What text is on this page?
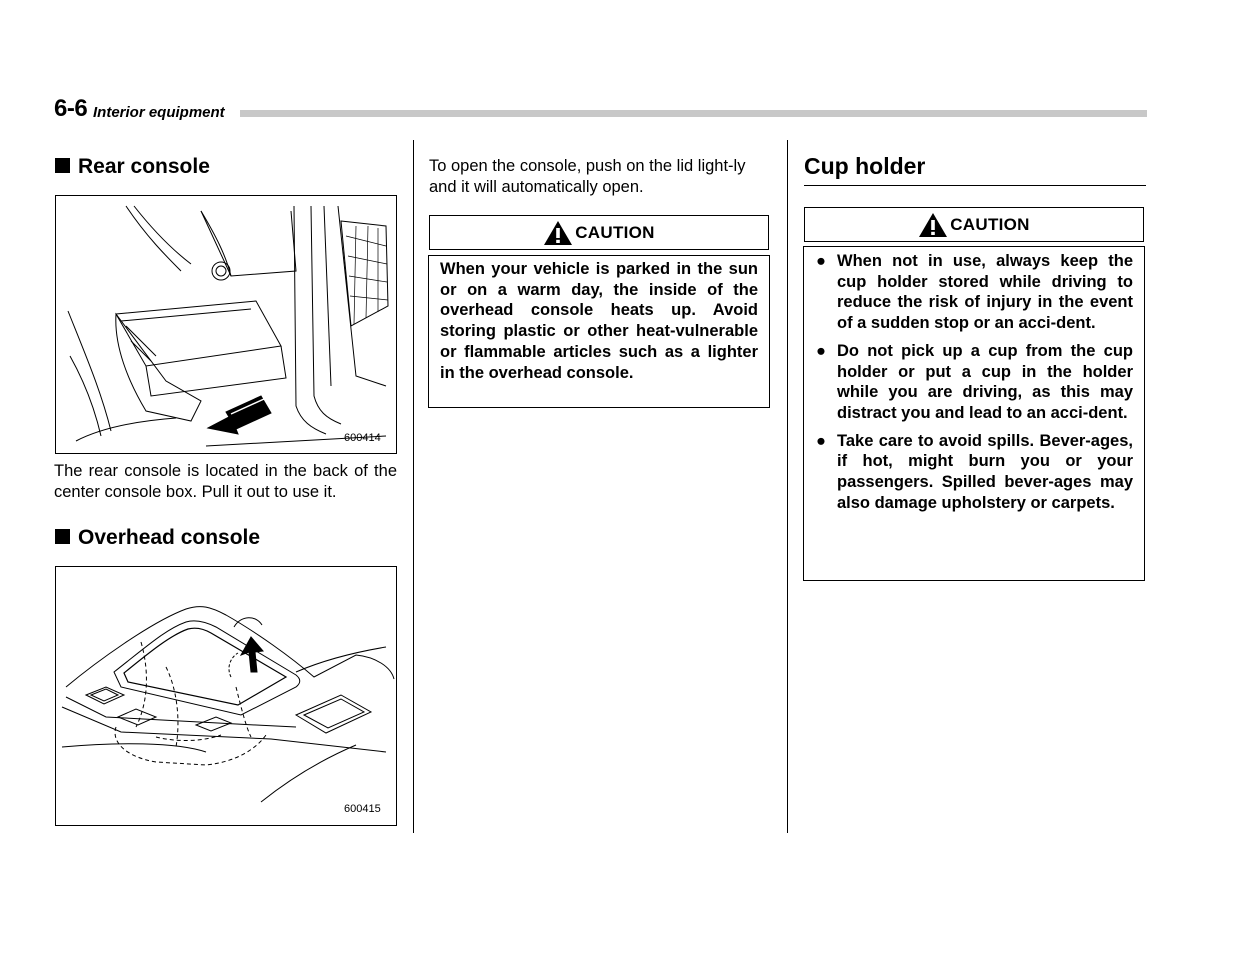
6-6 Interior equipment
Rear console
600414
The rear console is located in the back of the center console box. Pull it out to use it.
Overhead console
600415
To open the console, push on the lid light-ly and it will automatically open.
CAUTION
When your vehicle is parked in the sun or on a warm day, the inside of the overhead console heats up. Avoid storing plastic or other heat-vulnerable or flammable articles such as a lighter in the overhead console.
Cup holder
CAUTION
● When not in use, always keep the cup holder stored while driving to reduce the risk of injury in the event of a sudden stop or an acci-dent.
● Do not pick up a cup from the cup holder or put a cup in the holder while you are driving, as this may distract you and lead to an acci-dent.
● Take care to avoid spills. Bever-ages, if hot, might burn you or your passengers. Spilled bever-ages may also damage upholstery or carpets.
